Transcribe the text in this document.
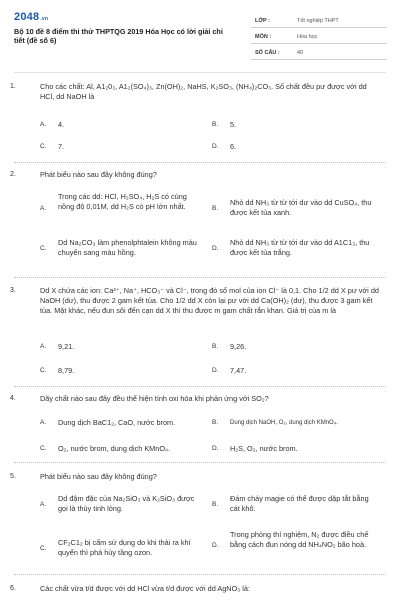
2048.vn
Bộ 10 đề 8 điểm thi thử THPTQG 2019 Hóa Học có lời giải chi tiết (đề số 6)
LỚP :	Tốt nghiệp THPT
MÔN :	Hóa học
SỐ CÂU :	40
1.	Cho các chất: Al, A1₂0₃, A1₂(SO₄)₃, Zn(OH)₂, NaHS, K₂SO₃, (NH₄)₂CO₃. Số chất đều pư được với dd HCl, dd NaOH là
A. 4.	B. 5.
C. 7.	D. 6.
2.	Phát biểu nào sau đây không đúng?
A.
Trong các dd: HCl, H₂SO₄, H₂S có cùng nồng độ 0,01M, dd H₂S có pH lớn nhất.	B.
Nhỏ dd NH₃ từ từ tới dư vào dd CuSO₄, thu được kết tủa xanh.
C.
Dd Na₂CO₃ làm phenolphtalein không màu chuyển sang màu hồng.	D.
Nhỏ dd NH₃ từ từ tới dư vào dd A1C1₃, thu được kết tủa trắng.
3.	Dd X chứa các ion: Ca²⁺, Na⁺, HCO₃⁻ và Cl⁻, trong đó số mol của ion Cl⁻ là 0,1. Cho 1/2 dd X pư với dd NaOH (dư), thu được 2 gam kết tủa. Cho 1/2 dd X còn lại pư với dd Ca(OH)₂ (dư), thu được 3 gam kết tủa. Mặt khác, nếu đun sôi đến cạn dd X thì thu được m gam chất rắn khan. Giá trị của m là
A. 9,21.	B. 9,26.
C. 8,79.	D. 7,47.
4.	Dãy chất nào sau đây đều thể hiện tính oxi hóa khi phản ứng với SO₂?
A. Dung dịch BaC1₂, CaO, nước brom.	B. Dung dịch NaOH, O₂, dung dịch KMnO₄.
C. O₂, nước brom, dung dịch KMnO₄.	D. H₂S, O₂, nước brom.
5.	Phát biểu nào sau đây không đúng?
A.
Dd đậm đặc của Na₂SiO₃ và K₂SiO₃ được gọi là thủy tinh lỏng.	B.
Đám cháy magie có thể được dập tắt bằng cát khô.
C.
CF₂C1₂ bị cấm sử dụng do khi thải ra khí quyển thì phá hủy tầng ozon.
D.
Trong phòng thí nghiệm, N₂ được điều chế bằng cách đun nóng dd NH₄NO₂ bão hoà.
6.	Các chất vừa t/d được với dd HCl vừa t/d được với dd AgNO₃ là:
